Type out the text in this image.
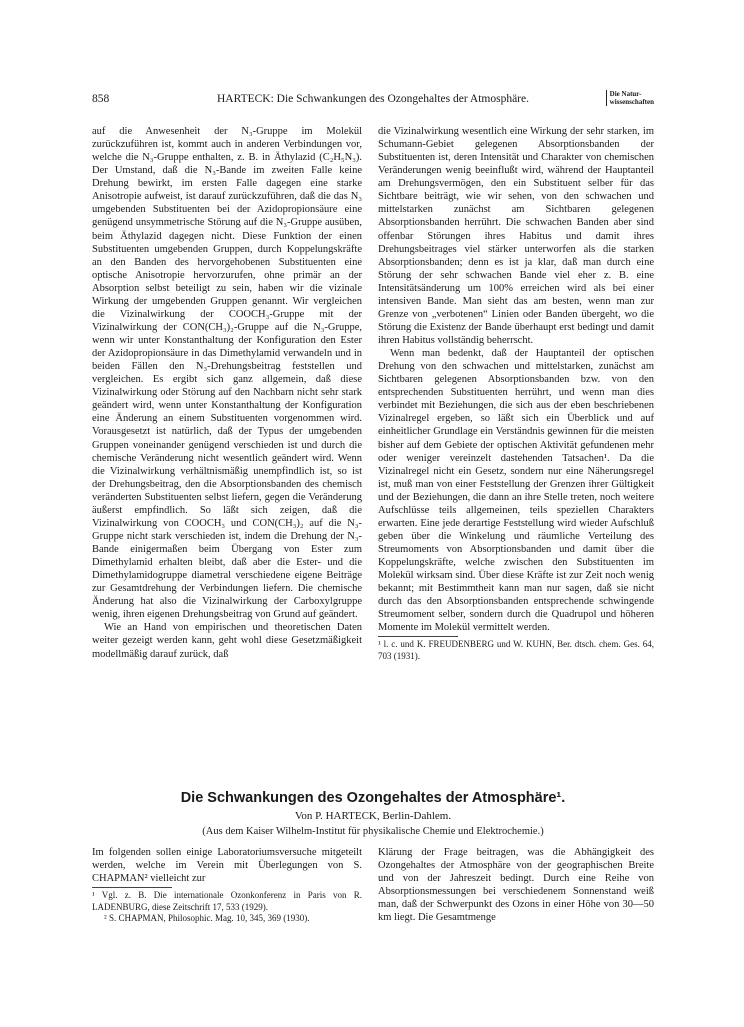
858	HARTECK: Die Schwankungen des Ozongehaltes der Atmosphäre.	Die Natur-
wissenschaften

auf die Anwesenheit der N₃-Gruppe im Molekül zurückzuführen ist, kommt auch in anderen Verbindungen vor, welche die N₃-Gruppe enthalten, z. B. in Äthylazid (C₂H₅N₃). Der Umstand, daß die N₃-Bande im zweiten Falle keine Drehung bewirkt, im ersten Falle dagegen eine starke Anisotropie aufweist, ist darauf zurückzuführen, daß die das N₃ umgebenden Substituenten bei der Azidopropionsäure eine genügend unsymmetrische Störung auf die N₃-Gruppe ausüben, beim Äthylazid dagegen nicht. Diese Funktion der einen Substituenten umgebenden Gruppen, durch Koppelungskräfte an den Banden des hervorgehobenen Substituenten eine optische Anisotropie hervorzurufen, ohne primär an der Absorption selbst beteiligt zu sein, haben wir die vizinale Wirkung der umgebenden Gruppen genannt. Wir vergleichen die Vizinalwirkung der COOCH₃-Gruppe mit der Vizinalwirkung der CON(CH₃)₂-Gruppe auf die N₃-Gruppe, wenn wir unter Konstanthaltung der Konfiguration den Ester der Azidopropionsäure in das Dimethylamid verwandeln und in beiden Fällen den N₃-Drehungsbeitrag feststellen und vergleichen. Es ergibt sich ganz allgemein, daß diese Vizinalwirkung oder Störung auf den Nachbarn nicht sehr stark geändert wird, wenn unter Konstanthaltung der Konfiguration eine Änderung an einem Substituenten vorgenommen wird. Vorausgesetzt ist natürlich, daß der Typus der umgebenden Gruppen voneinander genügend verschieden ist und durch die chemische Veränderung nicht wesentlich geändert wird. Wenn die Vizinalwirkung verhältnismäßig unempfindlich ist, so ist der Drehungsbeitrag, den die Absorptionsbanden des chemisch veränderten Substituenten selbst liefern, gegen die Veränderung äußerst empfindlich. So läßt sich zeigen, daß die Vizinalwirkung von COOCH₃ und CON(CH₃)₂ auf die N₃-Gruppe nicht stark verschieden ist, indem die Drehung der N₃-Bande einigermaßen beim Übergang von Ester zum Dimethylamid erhalten bleibt, daß aber die Ester- und die Dimethylamidogruppe diametral verschiedene eigene Beiträge zur Gesamtdrehung der Verbindungen liefern. Die chemische Änderung hat also die Vizinalwirkung der Carboxylgruppe wenig, ihren eigenen Drehungsbeitrag von Grund auf geändert.

Wie an Hand von empirischen und theoretischen Daten weiter gezeigt werden kann, geht wohl diese Gesetzmäßigkeit modellmäßig darauf zurück, daß

die Vizinalwirkung wesentlich eine Wirkung der sehr starken, im Schumann-Gebiet gelegenen Absorptionsbanden der Substituenten ist, deren Intensität und Charakter von chemischen Veränderungen wenig beeinflußt wird, während der Hauptanteil am Drehungsvermögen, den ein Substituent selber für das Sichtbare beiträgt, wie wir sehen, von den schwachen und mittelstarken zunächst am Sichtbaren gelegenen Absorptionsbanden herrührt. Die schwachen Banden aber sind offenbar Störungen ihres Habitus und damit ihres Drehungsbeitrages viel stärker unterworfen als die starken Absorptionsbanden; denn es ist ja klar, daß man durch eine Störung der sehr schwachen Bande viel eher z. B. eine Intensitätsänderung um 100% erreichen wird als bei einer intensiven Bande. Man sieht das am besten, wenn man zur Grenze von „verbotenen“ Linien oder Banden übergeht, wo die Störung die Existenz der Bande überhaupt erst bedingt und damit ihren Habitus vollständig beherrscht.

Wenn man bedenkt, daß der Hauptanteil der optischen Drehung von den schwachen und mittelstarken, zunächst am Sichtbaren gelegenen Absorptionsbanden bzw. von den entsprechenden Substituenten herrührt, und wenn man dies verbindet mit Beziehungen, die sich aus der eben beschriebenen Vizinalregel ergeben, so läßt sich ein Überblick und auf einheitlicher Grundlage ein Verständnis gewinnen für die meisten bisher auf dem Gebiete der optischen Aktivität gefundenen mehr oder weniger vereinzelt dastehenden Tatsachen¹. Da die Vizinalregel nicht ein Gesetz, sondern nur eine Näherungsregel ist, muß man von einer Feststellung der Grenzen ihrer Gültigkeit und der Beziehungen, die dann an ihre Stelle treten, noch weitere Aufschlüsse teils allgemeinen, teils speziellen Charakters erwarten. Eine jede derartige Feststellung wird wieder Aufschluß geben über die Winkelung und räumliche Verteilung des Streumoments von Absorptionsbanden und damit über die Koppelungskräfte, welche zwischen den Substituenten im Molekül wirksam sind. Über diese Kräfte ist zur Zeit noch wenig bekannt; mit Bestimmtheit kann man nur sagen, daß sie nicht durch das den Absorptionsbanden entsprechende schwingende Streumoment selber, sondern durch die Quadrupol und höheren Momente im Molekül vermittelt werden.

¹ l. c. und K. FREUDENBERG und W. KUHN, Ber. dtsch. chem. Ges. 64, 703 (1931).

Die Schwankungen des Ozongehaltes der Atmosphäre¹.
Von P. HARTECK, Berlin-Dahlem.
(Aus dem Kaiser Wilhelm-Institut für physikalische Chemie und Elektrochemie.)

Im folgenden sollen einige Laboratoriumsversuche mitgeteilt werden, welche im Verein mit Überlegungen von S. CHAPMAN² vielleicht zur

¹ Vgl. z. B. Die internationale Ozonkonferenz in Paris von R. LADENBURG, diese Zeitschrift 17, 533 (1929).

² S. CHAPMAN, Philosophic. Mag. 10, 345, 369 (1930).

Klärung der Frage beitragen, was die Abhängigkeit des Ozongehaltes der Atmosphäre von der geographischen Breite und von der Jahreszeit bedingt. Durch eine Reihe von Absorptionsmessungen bei verschiedenem Sonnenstand weiß man, daß der Schwerpunkt des Ozons in einer Höhe von 30—50 km liegt. Die Gesamtmenge
